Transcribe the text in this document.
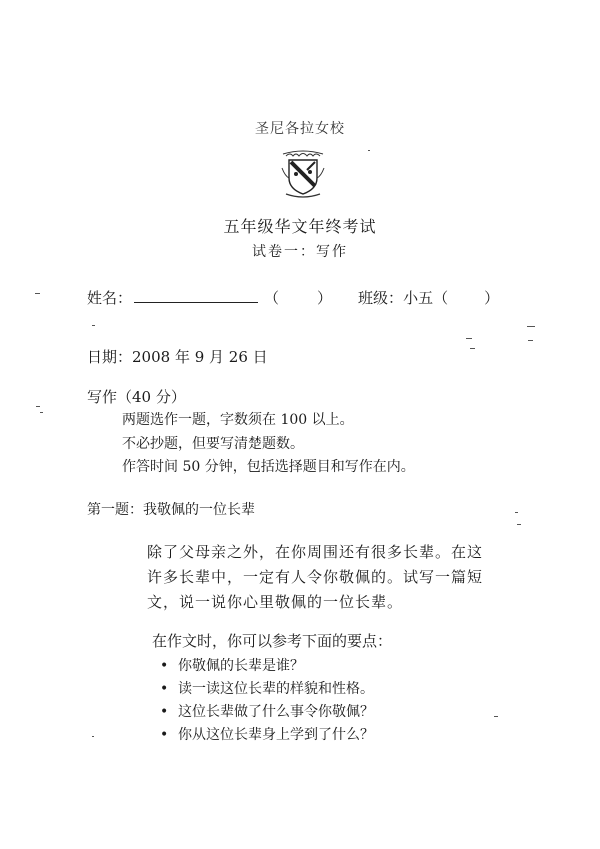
圣尼各拉女校
五年级华文年终考试
试卷一：写作
姓名：	（	） 班级：小五（ ）
日期：2008 年 9 月 26 日
写作（40 分）
两题选作一题，字数须在 100 以上。
不必抄题，但要写清楚题数。
作答时间 50 分钟，包括选择题目和写作在内。
第一题：我敬佩的一位长辈
除了父母亲之外，在你周围还有很多长辈。在这
许多长辈中，一定有人令你敬佩的。试写一篇短
文，说一说你心里敬佩的一位长辈。
在作文时，你可以参考下面的要点：
• 你敬佩的长辈是谁？
• 读一读这位长辈的样貌和性格。
• 这位长辈做了什么事令你敬佩？
• 你从这位长辈身上学到了什么？
